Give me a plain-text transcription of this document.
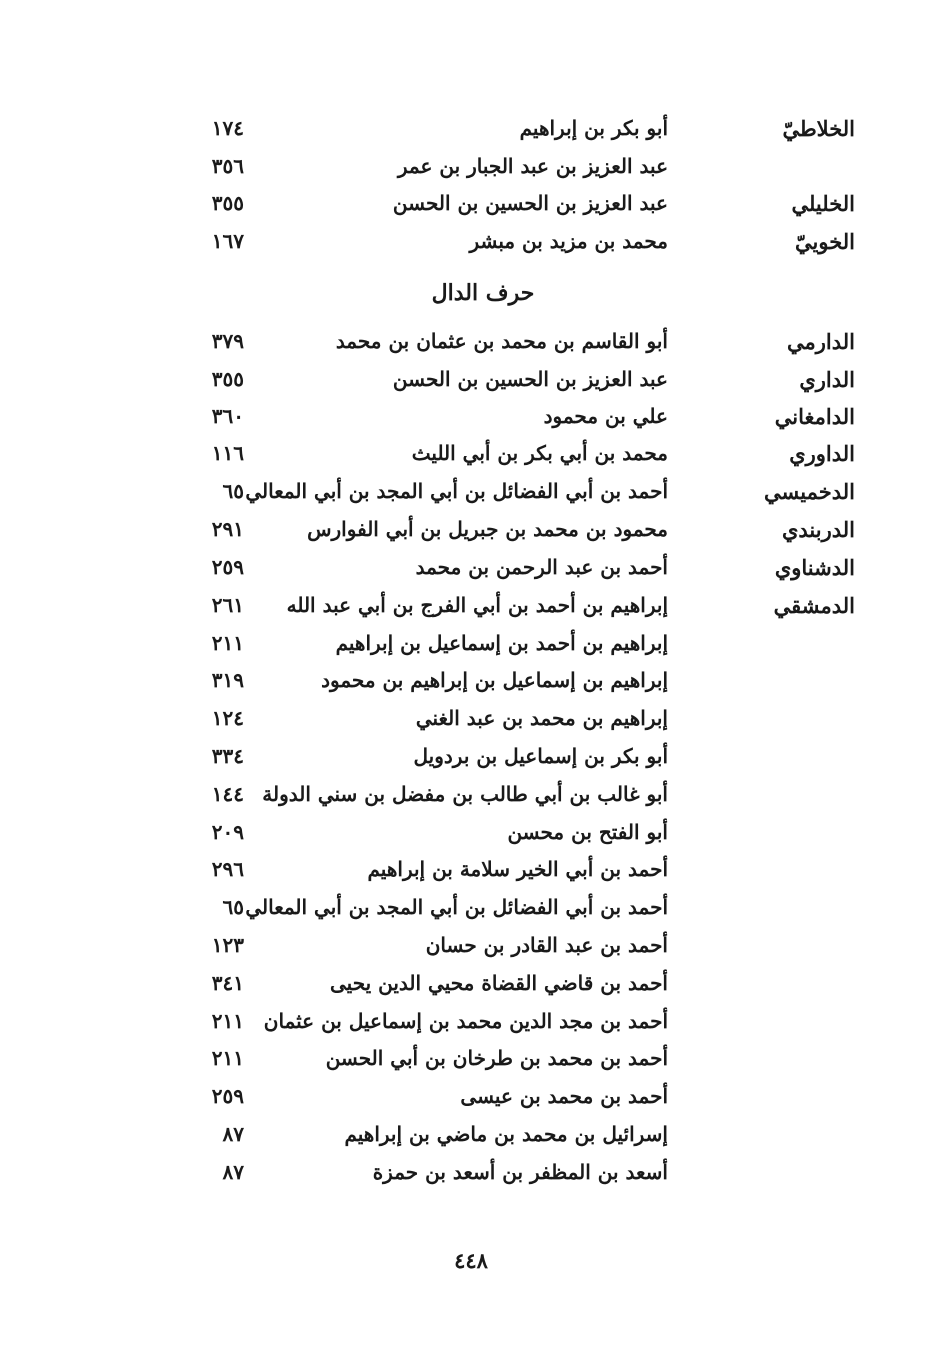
الخلاطيّ
أبو بكر بن إبراهيم
١٧٤
عبد العزيز بن عبد الجبار بن عمر
٣٥٦
الخليلي
عبد العزيز بن الحسين بن الحسن
٣٥٥
الخوييّ
محمد بن مزيد بن مبشر
١٦٧
حرف الدال
الدارمي
أبو القاسم بن محمد بن عثمان بن محمد
٣٧٩
الداري
عبد العزيز بن الحسين بن الحسن
٣٥٥
الدامغاني
علي بن محمود
٣٦٠
الداوري
محمد بن أبي بكر بن أبي الليث
١١٦
الدخميسي
أحمد بن أبي الفضائل بن أبي المجد بن أبي المعالي
٦٥
الدربندي
محمود بن محمد بن جبريل بن أبي الفوارس
٢٩١
الدشناوي
أحمد بن عبد الرحمن بن محمد
٢٥٩
الدمشقي
إبراهيم بن أحمد بن أبي الفرج بن أبي عبد الله
٢٦١
إبراهيم بن أحمد بن إسماعيل بن إبراهيم
٢١١
إبراهيم بن إسماعيل بن إبراهيم بن محمود
٣١٩
إبراهيم بن محمد بن عبد الغني
١٢٤
أبو بكر بن إسماعيل بن بردويل
٣٣٤
أبو غالب بن أبي طالب بن مفضل بن سني الدولة
١٤٤
أبو الفتح بن محسن
٢٠٩
أحمد بن أبي الخير سلامة بن إبراهيم
٢٩٦
أحمد بن أبي الفضائل بن أبي المجد بن أبي المعالي
٦٥
أحمد بن عبد القادر بن حسان
١٢٣
أحمد بن قاضي القضاة محيي الدين يحيى
٣٤١
أحمد بن مجد الدين محمد بن إسماعيل بن عثمان
٢١١
أحمد بن محمد بن طرخان بن أبي الحسن
٢١١
أحمد بن محمد بن عيسى
٢٥٩
إسرائيل بن محمد بن ماضي بن إبراهيم
٨٧
أسعد بن المظفر بن أسعد بن حمزة
٨٧
٤٤٨
